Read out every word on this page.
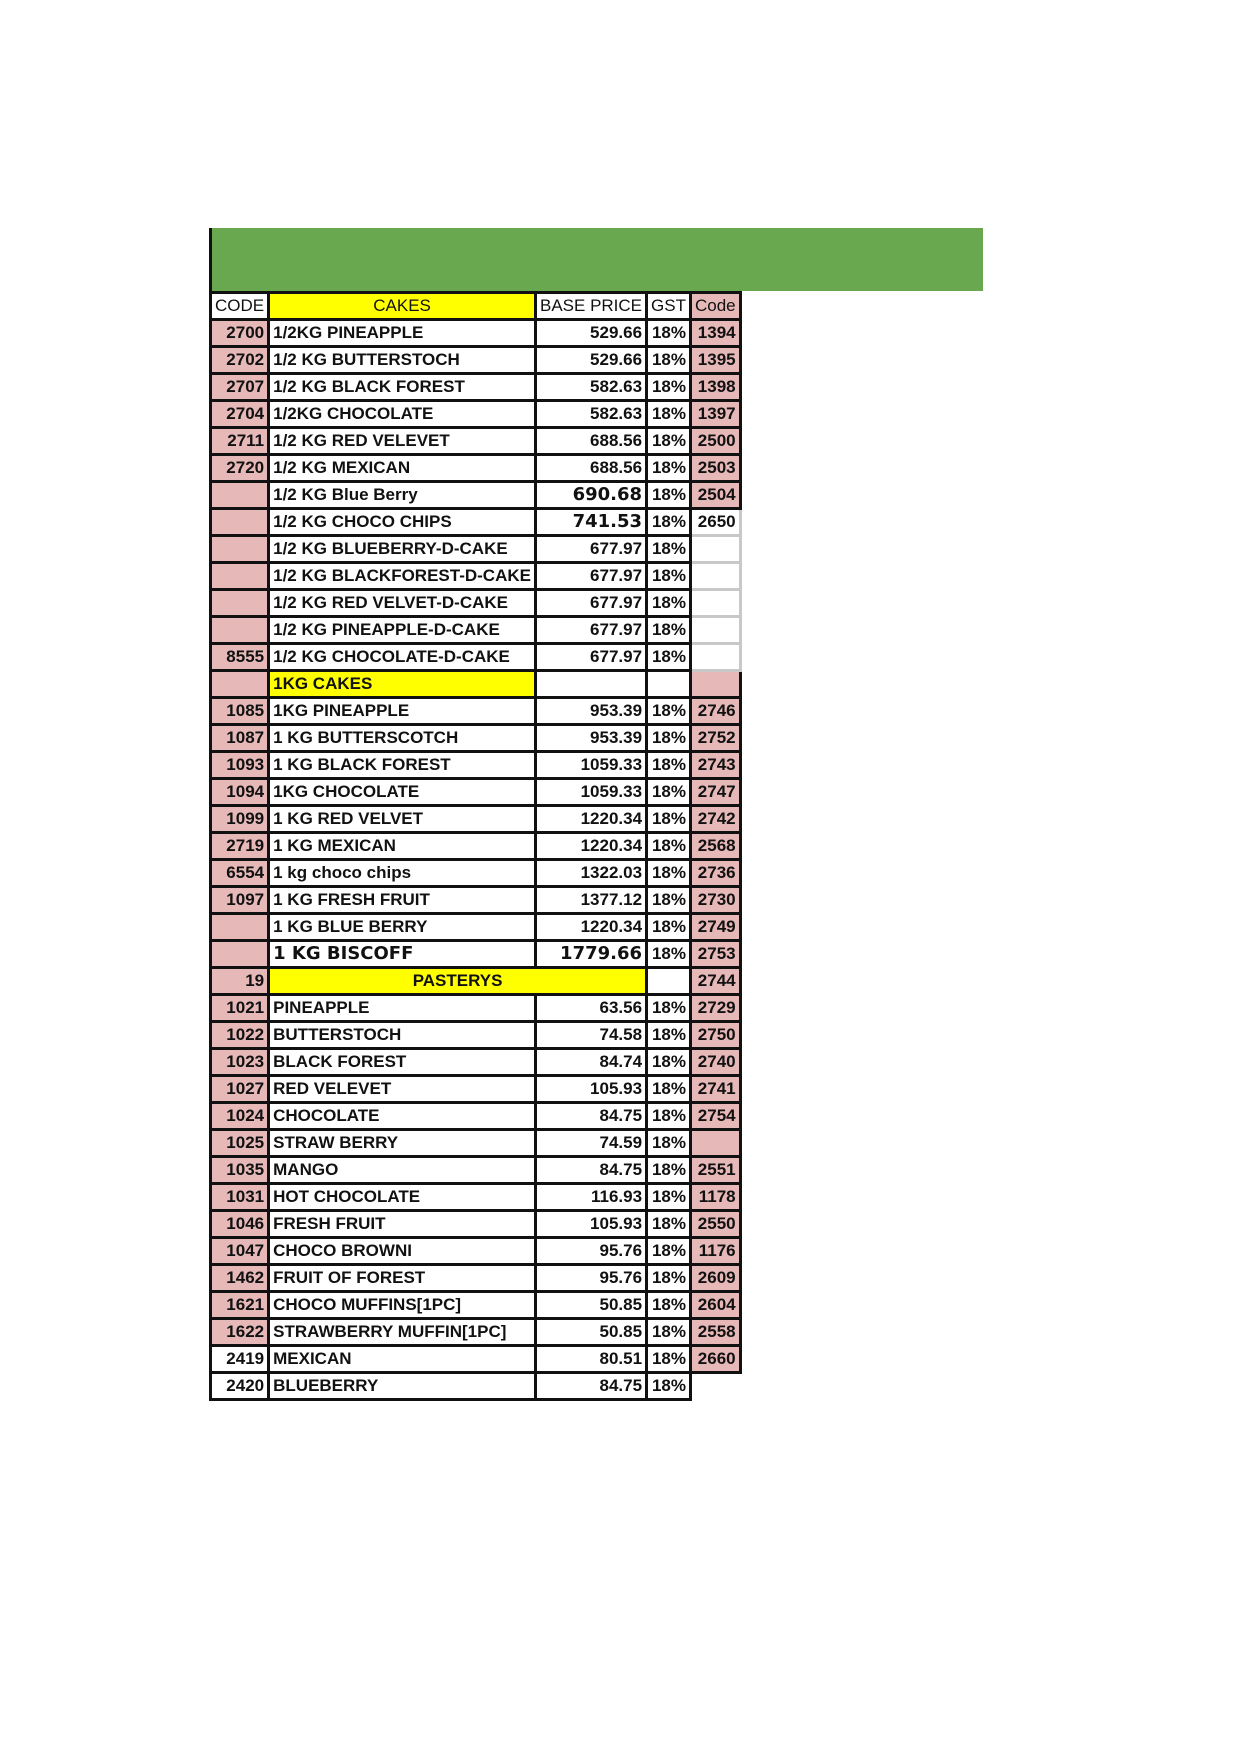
CODE	CAKES	BASE PRICE	GST	Code
2700	1/2KG PINEAPPLE	529.66	18%	1394
2702	1/2 KG BUTTERSTOCH	529.66	18%	1395
2707	1/2 KG BLACK FOREST	582.63	18%	1398
2704	1/2KG CHOCOLATE	582.63	18%	1397
2711	1/2 KG RED VELEVET	688.56	18%	2500
2720	1/2 KG MEXICAN	688.56	18%	2503
	1/2 KG Blue Berry	690.68	18%	2504
	1/2 KG CHOCO CHIPS	741.53	18%	2650
	1/2 KG BLUEBERRY-D-CAKE	677.97	18%	
	1/2 KG BLACKFOREST-D-CAKE	677.97	18%	
	1/2 KG RED VELVET-D-CAKE	677.97	18%	
	1/2 KG PINEAPPLE-D-CAKE	677.97	18%	
8555	1/2 KG CHOCOLATE-D-CAKE	677.97	18%	
	1KG CAKES			
1085	1KG PINEAPPLE	953.39	18%	2746
1087	1 KG BUTTERSCOTCH	953.39	18%	2752
1093	1 KG BLACK FOREST	1059.33	18%	2743
1094	1KG CHOCOLATE	1059.33	18%	2747
1099	1 KG RED VELVET	1220.34	18%	2742
2719	1 KG MEXICAN	1220.34	18%	2568
6554	1 kg choco chips	1322.03	18%	2736
1097	1 KG FRESH FRUIT	1377.12	18%	2730
	1 KG BLUE BERRY	1220.34	18%	2749
	1 KG BISCOFF	1779.66	18%	2753
19	PASTERYS			2744
1021	PINEAPPLE	63.56	18%	2729
1022	BUTTERSTOCH	74.58	18%	2750
1023	BLACK FOREST	84.74	18%	2740
1027	RED VELEVET	105.93	18%	2741
1024	CHOCOLATE	84.75	18%	2754
1025	STRAW BERRY	74.59	18%	
1035	MANGO	84.75	18%	2551
1031	HOT CHOCOLATE	116.93	18%	1178
1046	FRESH FRUIT	105.93	18%	2550
1047	CHOCO BROWNI	95.76	18%	1176
1462	FRUIT OF FOREST	95.76	18%	2609
1621	CHOCO MUFFINS[1PC]	50.85	18%	2604
1622	STRAWBERRY MUFFIN[1PC]	50.85	18%	2558
2419	MEXICAN	80.51	18%	2660
2420	BLUEBERRY	84.75	18%	
